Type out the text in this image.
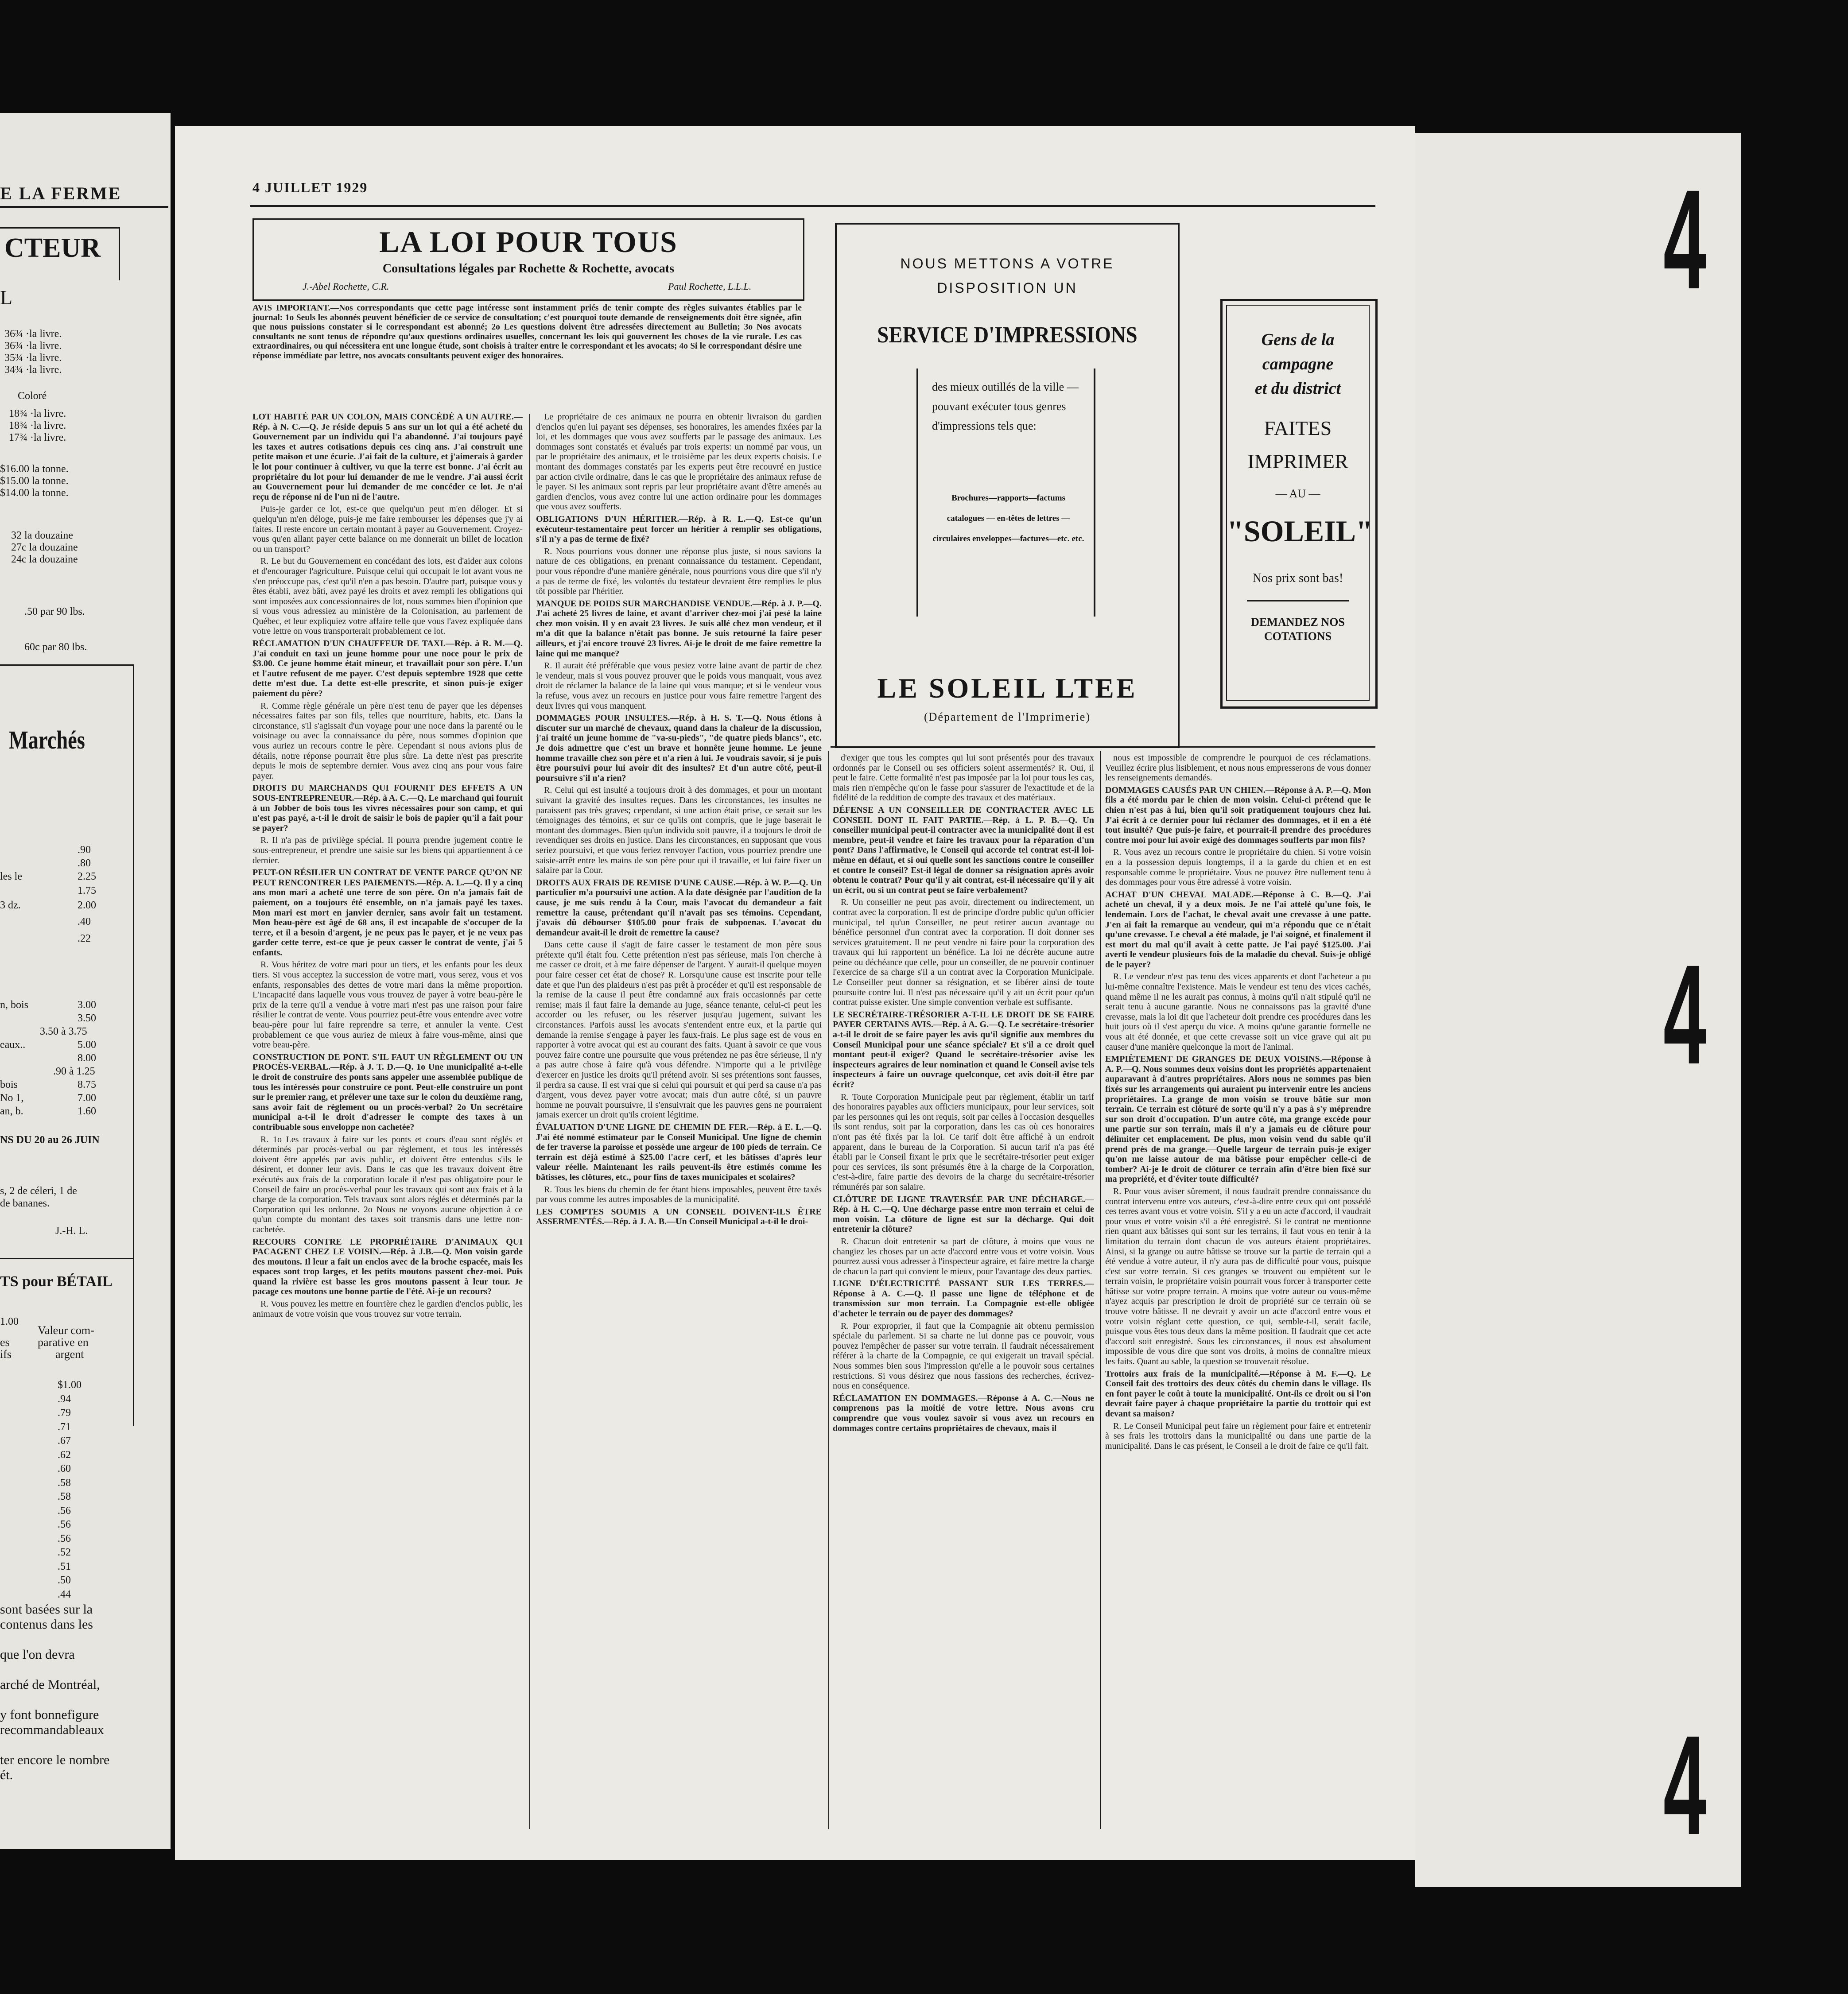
E LA FERME
CTEUR
L
36¾ ·la livre.
36¾ ·la livre.
35¾ ·la livre.
34¾ ·la livre.
Coloré
18¾ ·la livre.
18¾ ·la livre.
17¾ ·la livre.
$16.00 la tonne.
$15.00 la tonne.
$14.00 la tonne.
32 la douzaine
27c la douzaine
24c la douzaine
.50 par 90 lbs.
60c par 80 lbs.
Marchés
.90
.80
les le	2.25
1.75
3 dz.	2.00
.40
.22
n, bois	3.00
3.50
3.50 à 3.75
eaux..	5.00
8.00
.90 à 1.25
bois	8.75
No 1,	7.00
an, b.	1.60
NS DU 20 au 26 JUIN
s, 2 de céleri, 1 de
de bananes.
J.-H. L.
TS pour BÉTAIL
1.00
Valeur com-
es parative en
ifs	argent
$1.00
.94
.79
.71
.67
.62
.60
.58
.58
.56
.56
.56
.52
.51
.50
.44
sont basées sur la
contenus dans les
que l'on devra
arché de Montréal,
y font bonnefigure
recommandableaux
ter encore le nombre
ét.
4 JUILLET 1929
LA LOI POUR TOUS
Consultations légales par Rochette & Rochette, avocats
J.-Abel Rochette, C.R.	Paul Rochette, L.L.L.
NOUS METTONS A VOTRE
DISPOSITION UN
SERVICE D'IMPRESSIONS
des mieux outillés de la ville — pouvant exécuter tous genres d'impressions tels que:
Brochures—rapports—factums catalogues — en-têtes de lettres — circulaires enveloppes—factures—etc. etc.
LE SOLEIL LTEE
(Département de l'Imprimerie)
Gens de la
campagne
et du district
FAITES
IMPRIMER
— AU —
"SOLEIL"
Nos prix sont bas!
DEMANDEZ NOS
COTATIONS

AVIS IMPORTANT.—Nos correspondants que cette page intéresse sont instamment priés de tenir compte des règles suivantes établies par le journal: 1o Seuls les abonnés peuvent bénéficier de ce service de consultation; c'est pourquoi toute demande de renseignements doit être signée, afin que nous puissions constater si le correspondant est abonné; 2o Les questions doivent être adressées directement au Bulletin; 3o Nos avocats consultants ne sont tenus de répondre qu'aux questions ordinaires usuelles, concernant les lois qui gouvernent les choses de la vie rurale. Les cas extraordinaires, ou qui nécessitera ent une longue étude, sont choisis à traiter entre le correspondant et les avocats; 4o Si le correspondant désire une réponse immédiate par lettre, nos avocats consultants peuvent exiger des honoraires.

LOT HABITÉ PAR UN COLON, MAIS CONCÉDÉ A UN AUTRE.—Rép. à N. C.—Q. Je réside depuis 5 ans sur un lot qui a été acheté du Gouvernement par un individu qui l'a abandonné. J'ai toujours payé les taxes et autres cotisations depuis ces cinq ans. J'ai construit une petite maison et une écurie. J'ai fait de la culture, et j'aimerais à garder le lot pour continuer à cultiver, vu que la terre est bonne. J'ai écrit au propriétaire du lot pour lui demander de me le vendre. J'ai aussi écrit au Gouvernement pour lui demander de me concéder ce lot. Je n'ai reçu de réponse ni de l'un ni de l'autre.

Puis-je garder ce lot, est-ce que quelqu'un peut m'en déloger. Et si quelqu'un m'en déloge, puis-je me faire rembourser les dépenses que j'y ai faites. Il reste encore un certain montant à payer au Gouvernement. Croyez-vous qu'en allant payer cette balance on me donnerait un billet de location ou un transport?

R. Le but du Gouvernement en concédant des lots, est d'aider aux colons et d'encourager l'agriculture. Puisque celui qui occupait le lot avant vous ne s'en préoccupe pas, c'est qu'il n'en a pas besoin. D'autre part, puisque vous y êtes établi, avez bâti, avez payé les droits et avez rempli les obligations qui sont imposées aux concessionnaires de lot, nous sommes bien d'opinion que si vous vous adressiez au ministère de la Colonisation, au parlement de Québec, et leur expliquiez votre affaire telle que vous l'avez expliquée dans votre lettre on vous transporterait probablement ce lot.

RÉCLAMATION D'UN CHAUFFEUR DE TAXI.—Rép. à R. M.—Q. J'ai conduit en taxi un jeune homme pour une noce pour le prix de $3.00. Ce jeune homme était mineur, et travaillait pour son père. L'un et l'autre refusent de me payer. C'est depuis septembre 1928 que cette dette m'est due. La dette est-elle prescrite, et sinon puis-je exiger paiement du père?

R. Comme règle générale un père n'est tenu de payer que les dépenses nécessaires faites par son fils, telles que nourriture, habits, etc. Dans la circonstance, s'il s'agissait d'un voyage pour une noce dans la parenté ou le voisinage ou avec la connaissance du père, nous sommes d'opinion que vous auriez un recours contre le père. Cependant si nous avions plus de détails, notre réponse pourrait être plus sûre. La dette n'est pas prescrite depuis le mois de septembre dernier. Vous avez cinq ans pour vous faire payer.

DROITS DU MARCHANDS QUI FOURNIT DES EFFETS A UN SOUS-ENTREPRENEUR.—Rép. à A. C.—Q. Le marchand qui fournit à un Jobber de bois tous les vivres nécessaires pour son camp, et qui n'est pas payé, a-t-il le droit de saisir le bois de papier qu'il a fait pour se payer?

R. Il n'a pas de privilège spécial. Il pourra prendre jugement contre le sous-entrepreneur, et prendre une saisie sur les biens qui appartiennent à ce dernier.

PEUT-ON RÉSILIER UN CONTRAT DE VENTE PARCE QU'ON NE PEUT RENCONTRER LES PAIEMENTS.—Rép. A. L.—Q. Il y a cinq ans mon mari a acheté une terre de son père. On n'a jamais fait de paiement, on a toujours été ensemble, on n'a jamais payé les taxes. Mon mari est mort en janvier dernier, sans avoir fait un testament. Mon beau-père est âgé de 68 ans, il est incapable de s'occuper de la terre, et il a besoin d'argent, je ne peux pas le payer, et je ne veux pas garder cette terre, est-ce que je peux casser le contrat de vente, j'ai 5 enfants.

R. Vous héritez de votre mari pour un tiers, et les enfants pour les deux tiers. Si vous acceptez la succession de votre mari, vous serez, vous et vos enfants, responsables des dettes de votre mari dans la même proportion. L'incapacité dans laquelle vous vous trouvez de payer à votre beau-père le prix de la terre qu'il a vendue à votre mari n'est pas une raison pour faire résilier le contrat de vente. Vous pourriez peut-être vous entendre avec votre beau-père pour lui faire reprendre sa terre, et annuler la vente. C'est probablement ce que vous auriez de mieux à faire vous-même, ainsi que votre beau-père.

CONSTRUCTION DE PONT. S'IL FAUT UN RÈGLEMENT OU UN PROCÈS-VERBAL.—Rép. à J. T. D.—Q. 1o Une municipalité a-t-elle le droit de construire des ponts sans appeler une assemblée publique de tous les intéressés pour construire ce pont. Peut-elle construire un pont sur le premier rang, et prélever une taxe sur le colon du deuxième rang, sans avoir fait de règlement ou un procès-verbal? 2o Un secrétaire municipal a-t-il le droit d'adresser le compte des taxes à un contribuable sous enveloppe non cachetée?

R. 1o Les travaux à faire sur les ponts et cours d'eau sont réglés et déterminés par procès-verbal ou par règlement, et tous les intéressés doivent être appelés par avis public, et doivent être entendus s'ils le désirent, et donner leur avis. Dans le cas que les travaux doivent être exécutés aux frais de la corporation locale il n'est pas obligatoire pour le Conseil de faire un procès-verbal pour les travaux qui sont aux frais et à la charge de la corporation. Tels travaux sont alors réglés et déterminés par la Corporation qui les ordonne. 2o Nous ne voyons aucune objection à ce qu'un compte du montant des taxes soit transmis dans une lettre non-cachetée.

RECOURS CONTRE LE PROPRIÉTAIRE D'ANIMAUX QUI PACAGENT CHEZ LE VOISIN.—Rép. à J.B.—Q. Mon voisin garde des moutons. Il leur a fait un enclos avec de la broche espacée, mais les espaces sont trop larges, et les petits moutons passent chez-moi. Puis quand la rivière est basse les gros moutons passent à leur tour. Je pacage ces moutons une bonne partie de l'été. Ai-je un recours?

R. Vous pouvez les mettre en fourrière chez le gardien d'enclos public, les animaux de votre voisin que vous trouvez sur votre terrain.

Le propriétaire de ces animaux ne pourra en obtenir livraison du gardien d'enclos qu'en lui payant ses dépenses, ses honoraires, les amendes fixées par la loi, et les dommages que vous avez soufferts par le passage des animaux. Les dommages sont constatés et évalués par trois experts: un nommé par vous, un par le propriétaire des animaux, et le troisième par les deux experts choisis. Le montant des dommages constatés par les experts peut être recouvré en justice par action civile ordinaire, dans le cas que le propriétaire des animaux refuse de le payer. Si les animaux sont repris par leur propriétaire avant d'être amenés au gardien d'enclos, vous avez contre lui une action ordinaire pour les dommages que vous avez soufferts.

OBLIGATIONS D'UN HÉRITIER.—Rép. à R. L.—Q. Est-ce qu'un exécuteur-testamentaire peut forcer un héritier à remplir ses obligations, s'il n'y a pas de terme de fixé?

R. Nous pourrions vous donner une réponse plus juste, si nous savions la nature de ces obligations, en prenant connaissance du testament. Cependant, pour vous répondre d'une manière générale, nous pourrions vous dire que s'il n'y a pas de terme de fixé, les volontés du testateur devraient être remplies le plus tôt possible par l'héritier.

MANQUE DE POIDS SUR MARCHANDISE VENDUE.—Rép. à J. P.—Q. J'ai acheté 25 livres de laine, et avant d'arriver chez-moi j'ai pesé la laine chez mon voisin. Il y en avait 23 livres. Je suis allé chez mon vendeur, et il m'a dit que la balance n'était pas bonne. Je suis retourné la faire peser ailleurs, et j'ai encore trouvé 23 livres. Ai-je le droit de me faire remettre la laine qui me manque?

R. Il aurait été préférable que vous pesiez votre laine avant de partir de chez le vendeur, mais si vous pouvez prouver que le poids vous manquait, vous avez droit de réclamer la balance de la laine qui vous manque; et si le vendeur vous la refuse, vous avez un recours en justice pour vous faire remettre l'argent des deux livres qui vous manquent.

DOMMAGES POUR INSULTES.—Rép. à H. S. T.—Q. Nous étions à discuter sur un marché de chevaux, quand dans la chaleur de la discussion, j'ai traité un jeune homme de "va-su-pieds", "de quatre pieds blancs", etc. Je dois admettre que c'est un brave et honnête jeune homme. Le jeune homme travaille chez son père et n'a rien à lui. Je voudrais savoir, si je puis être poursuivi pour lui avoir dit des insultes? Et d'un autre côté, peut-il poursuivre s'il n'a rien?

R. Celui qui est insulté a toujours droit à des dommages, et pour un montant suivant la gravité des insultes reçues. Dans les circonstances, les insultes ne paraissent pas très graves; cependant, si une action était prise, ce serait sur les témoignages des témoins, et sur ce qu'ils ont compris, que le juge baserait le montant des dommages. Bien qu'un individu soit pauvre, il a toujours le droit de revendiquer ses droits en justice. Dans les circonstances, en supposant que vous seriez poursuivi, et que vous feriez renvoyer l'action, vous pourriez prendre une saisie-arrêt entre les mains de son père pour qui il travaille, et lui faire fixer un salaire par la Cour.

DROITS AUX FRAIS DE REMISE D'UNE CAUSE.—Rép. à W. P.—Q. Un particulier m'a poursuivi une action. A la date désignée par l'audition de la cause, je me suis rendu à la Cour, mais l'avocat du demandeur a fait remettre la cause, prétendant qu'il n'avait pas ses témoins. Cependant, j'avais dû débourser $105.00 pour frais de subpoenas. L'avocat du demandeur avait-il le droit de remettre la cause?

Dans cette cause il s'agit de faire casser le testament de mon père sous prétexte qu'il était fou. Cette prétention n'est pas sérieuse, mais l'on cherche à me casser ce droit, et à me faire dépenser de l'argent. Y aurait-il quelque moyen pour faire cesser cet état de chose? R. Lorsqu'une cause est inscrite pour telle date et que l'un des plaideurs n'est pas prêt à procéder et qu'il est responsable de la remise de la cause il peut être condamné aux frais occasionnés par cette remise; mais il faut faire la demande au juge, séance tenante, celui-ci peut les accorder ou les refuser, ou les réserver jusqu'au jugement, suivant les circonstances. Parfois aussi les avocats s'entendent entre eux, et la partie qui demande la remise s'engage à payer les faux-frais. Le plus sage est de vous en rapporter à votre avocat qui est au courant des faits. Quant à savoir ce que vous pouvez faire contre une poursuite que vous prétendez ne pas être sérieuse, il n'y a pas autre chose à faire qu'à vous défendre. N'importe qui a le privilège d'exercer en justice les droits qu'il prétend avoir. Si ses prétentions sont fausses, il perdra sa cause. Il est vrai que si celui qui poursuit et qui perd sa cause n'a pas d'argent, vous devez payer votre avocat; mais d'un autre côté, si un pauvre homme ne pouvait poursuivre, il s'ensuivrait que les pauvres gens ne pourraient jamais exercer un droit qu'ils croient légitime.

ÉVALUATION D'UNE LIGNE DE CHEMIN DE FER.—Rép. à E. L.—Q. J'ai été nommé estimateur par le Conseil Municipal. Une ligne de chemin de fer traverse la paroisse et possède une argeur de 100 pieds de terrain. Ce terrain est déjà estimé à $25.00 l'acre cerf, et les bâtisses d'après leur valeur réelle. Maintenant les rails peuvent-ils être estimés comme les bâtisses, les clôtures, etc., pour fins de taxes municipales et scolaires?

R. Tous les biens du chemin de fer étant biens imposables, peuvent être taxés par vous comme les autres imposables de la municipalité.

LES COMPTES SOUMIS A UN CONSEIL DOIVENT-ILS ÊTRE ASSERMENTÉS.—Rép. à J. A. B.—Un Conseil Municipal a-t-il le droi-

d'exiger que tous les comptes qui lui sont présentés pour des travaux ordonnés par le Conseil ou ses officiers soient assermentés? R. Oui, il peut le faire. Cette formalité n'est pas imposée par la loi pour tous les cas, mais rien n'empêche qu'on le fasse pour s'assurer de l'exactitude et de la fidélité de la reddition de compte des travaux et des matériaux.

DÉFENSE A UN CONSEILLER DE CONTRACTER AVEC LE CONSEIL DONT IL FAIT PARTIE.—Rép. à L. P. B.—Q. Un conseiller municipal peut-il contracter avec la municipalité dont il est membre, peut-il vendre et faire les travaux pour la réparation d'un pont? Dans l'affirmative, le Conseil qui accorde tel contrat est-il loi-même en défaut, et si oui quelle sont les sanctions contre le conseiller et contre le conseil? Est-il légal de donner sa résignation après avoir obtenu le contrat? Pour qu'il y ait contrat, est-il nécessaire qu'il y ait un écrit, ou si un contrat peut se faire verbalement?

R. Un conseiller ne peut pas avoir, directement ou indirectement, un contrat avec la corporation. Il est de principe d'ordre public qu'un officier municipal, tel qu'un Conseiller, ne peut retirer aucun avantage ou bénéfice personnel d'un contrat avec la corporation. Il doit donner ses services gratuitement. Il ne peut vendre ni faire pour la corporation des travaux qui lui rapportent un bénéfice. La loi ne décrète aucune autre peine ou déchéance que celle, pour un conseiller, de ne pouvoir continuer l'exercice de sa charge s'il a un contrat avec la Corporation Municipale. Le Conseiller peut donner sa résignation, et se libérer ainsi de toute poursuite contre lui. Il n'est pas nécessaire qu'il y ait un écrit pour qu'un contrat puisse exister. Une simple convention verbale est suffisante.

LE SECRÉTAIRE-TRÉSORIER A-T-IL LE DROIT DE SE FAIRE PAYER CERTAINS AVIS.—Rép. à A. G.—Q. Le secrétaire-trésorier a-t-il le droit de se faire payer les avis qu'il signifie aux membres du Conseil Municipal pour une séance spéciale? Et s'il a ce droit quel montant peut-il exiger? Quand le secrétaire-trésorier avise les inspecteurs agraires de leur nomination et quand le Conseil avise tels inspecteurs à faire un ouvrage quelconque, cet avis doit-il être par écrit?

R. Toute Corporation Municipale peut par règlement, établir un tarif des honoraires payables aux officiers municipaux, pour leur services, soit par les personnes qui les ont requis, soit par celles à l'occasion desquelles ils sont rendus, soit par la corporation, dans les cas où ces honoraires n'ont pas été fixés par la loi. Ce tarif doit être affiché à un endroit apparent, dans le bureau de la Corporation. Si aucun tarif n'a pas été établi par le Conseil fixant le prix que le secrétaire-trésorier peut exiger pour ces services, ils sont présumés être à la charge de la Corporation, c'est-à-dire, faire partie des devoirs de la charge du secrétaire-trésorier rémunérés par son salaire.

CLÔTURE DE LIGNE TRAVERSÉE PAR UNE DÉCHARGE.—Rép. à H. C.—Q. Une décharge passe entre mon terrain et celui de mon voisin. La clôture de ligne est sur la décharge. Qui doit entretenir la clôture?

R. Chacun doit entretenir sa part de clôture, à moins que vous ne changiez les choses par un acte d'accord entre vous et votre voisin. Vous pourrez aussi vous adresser à l'inspecteur agraire, et faire mettre la charge de chacun la part qui convient le mieux, pour l'avantage des deux parties.

LIGNE D'ÉLECTRICITÉ PASSANT SUR LES TERRES.—Réponse à A. C.—Q. Il passe une ligne de téléphone et de transmission sur mon terrain. La Compagnie est-elle obligée d'acheter le terrain ou de payer des dommages?

R. Pour exproprier, il faut que la Compagnie ait obtenu permission spéciale du parlement. Si sa charte ne lui donne pas ce pouvoir, vous pouvez l'empêcher de passer sur votre terrain. Il faudrait nécessairement référer à la charte de la Compagnie, ce qui exigerait un travail spécial. Nous sommes bien sous l'impression qu'elle a le pouvoir sous certaines restrictions. Si vous désirez que nous fassions des recherches, écrivez-nous en conséquence.

RÉCLAMATION EN DOMMAGES.—Réponse à A. C.—Nous ne comprenons pas la moitié de votre lettre. Nous avons cru comprendre que vous voulez savoir si vous avez un recours en dommages contre certains propriétaires de chevaux, mais il

nous est impossible de comprendre le pourquoi de ces réclamations. Veuillez écrire plus lisiblement, et nous nous empresserons de vous donner les renseignements demandés.

DOMMAGES CAUSÉS PAR UN CHIEN.—Réponse à A. P.—Q. Mon fils a été mordu par le chien de mon voisin. Celui-ci prétend que le chien n'est pas à lui, bien qu'il soit pratiquement toujours chez lui. J'ai écrit à ce dernier pour lui réclamer des dommages, et il en a été tout insulté? Que puis-je faire, et pourrait-il prendre des procédures contre moi pour lui avoir exigé des dommages soufferts par mon fils?

R. Vous avez un recours contre le propriétaire du chien. Si votre voisin en a la possession depuis longtemps, il a la garde du chien et en est responsable comme le propriétaire. Vous ne pouvez être nullement tenu à des dommages pour vous être adressé à votre voisin.

ACHAT D'UN CHEVAL MALADE.—Réponse à C. B.—Q. J'ai acheté un cheval, il y a deux mois. Je ne l'ai attelé qu'une fois, le lendemain. Lors de l'achat, le cheval avait une crevasse à une patte. J'en ai fait la remarque au vendeur, qui m'a répondu que ce n'était qu'une crevasse. Le cheval a été malade, je l'ai soigné, et finalement il est mort du mal qu'il avait à cette patte. Je l'ai payé $125.00. J'ai averti le vendeur plusieurs fois de la maladie du cheval. Suis-je obligé de le payer?

R. Le vendeur n'est pas tenu des vices apparents et dont l'acheteur a pu lui-même connaître l'existence. Mais le vendeur est tenu des vices cachés, quand même il ne les aurait pas connus, à moins qu'il n'ait stipulé qu'il ne serait tenu à aucune garantie. Nous ne connaissons pas la gravité d'une crevasse, mais la loi dit que l'acheteur doit prendre ces procédures dans les huit jours où il s'est aperçu du vice. A moins qu'une garantie formelle ne vous ait été donnée, et que cette crevasse soit un vice grave qui ait pu causer d'une manière quelconque la mort de l'animal.

EMPIÈTEMENT DE GRANGES DE DEUX VOISINS.—Réponse à A. P.—Q. Nous sommes deux voisins dont les propriétés appartenaient auparavant à d'autres propriétaires. Alors nous ne sommes pas bien fixés sur les arrangements qui auraient pu intervenir entre les anciens propriétaires. La grange de mon voisin se trouve bâtie sur mon terrain. Ce terrain est clôturé de sorte qu'il n'y a pas à s'y méprendre sur son droit d'occupation. D'un autre côté, ma grange excède pour une partie sur son terrain, mais il n'y a jamais eu de clôture pour délimiter cet emplacement. De plus, mon voisin vend du sable qu'il prend près de ma grange.—Quelle largeur de terrain puis-je exiger qu'on me laisse autour de ma bâtisse pour empêcher celle-ci de tomber? Ai-je le droit de clôturer ce terrain afin d'être bien fixé sur ma propriété, et d'éviter toute difficulté?

R. Pour vous aviser sûrement, il nous faudrait prendre connaissance du contrat intervenu entre vos auteurs, c'est-à-dire entre ceux qui ont possédé ces terres avant vous et votre voisin. S'il y a eu un acte d'accord, il vaudrait pour vous et votre voisin s'il a été enregistré. Si le contrat ne mentionne rien quant aux bâtisses qui sont sur les terrains, il faut vous en tenir à la limitation du terrain dont chacun de vos auteurs étaient propriétaires. Ainsi, si la grange ou autre bâtisse se trouve sur la partie de terrain qui a été vendue à votre auteur, il n'y aura pas de difficulté pour vous, puisque c'est sur votre terrain. Si ces granges se trouvent ou empiètent sur le terrain voisin, le propriétaire voisin pourrait vous forcer à transporter cette bâtisse sur votre propre terrain. A moins que votre auteur ou vous-même n'ayez acquis par prescription le droit de propriété sur ce terrain où se trouve votre bâtisse. Il ne devrait y avoir un acte d'accord entre vous et votre voisin réglant cette question, ce qui, semble-t-il, serait facile, puisque vous êtes tous deux dans la même position. Il faudrait que cet acte d'accord soit enregistré. Sous les circonstances, il nous est absolument impossible de vous dire que sont vos droits, à moins de connaître mieux les faits. Quant au sable, la question se trouverait résolue.

Trottoirs aux frais de la municipalité.—Réponse à M. F.—Q. Le Conseil fait des trottoirs des deux côtés du chemin dans le village. Ils en font payer le coût à toute la municipalité. Ont-ils ce droit ou si l'on devrait faire payer à chaque propriétaire la partie du trottoir qui est devant sa maison?

R. Le Conseil Municipal peut faire un règlement pour faire et entretenir à ses frais les trottoirs dans la municipalité ou dans une partie de la municipalité. Dans le cas présent, le Conseil a le droit de faire ce qu'il fait.

4
4
4
